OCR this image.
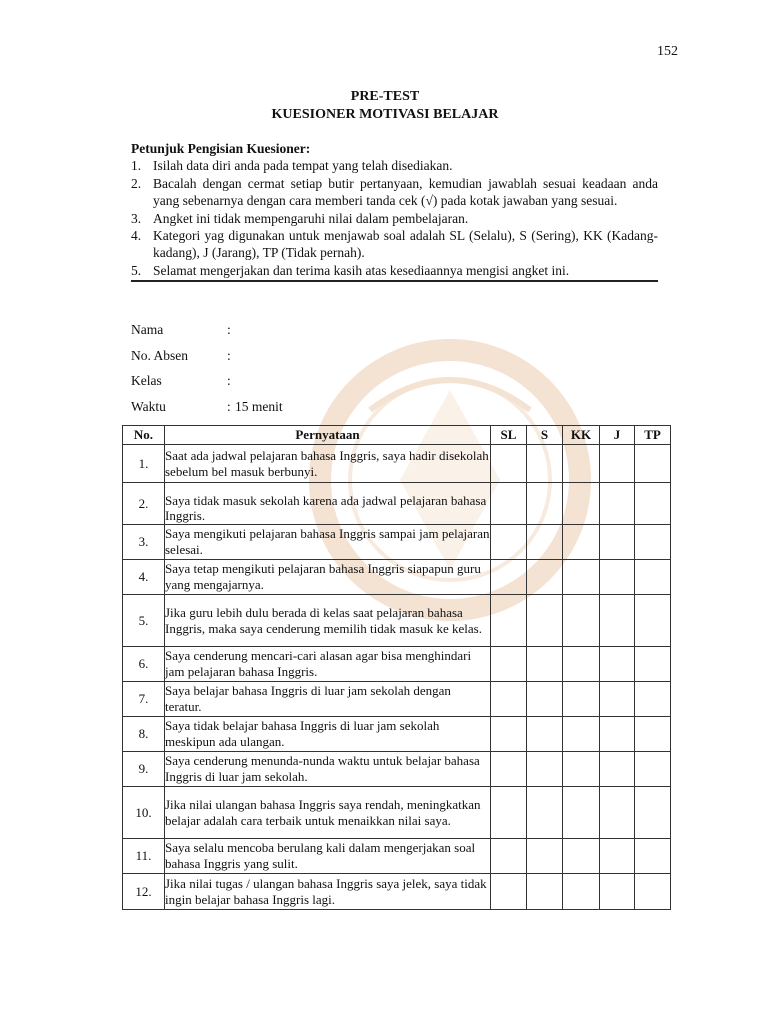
152
PRE-TEST
KUESIONER MOTIVASI BELAJAR
Petunjuk Pengisian Kuesioner:
1. Isilah data diri anda pada tempat yang telah disediakan.
2. Bacalah dengan cermat setiap butir pertanyaan, kemudian jawablah sesuai keadaan anda yang sebenarnya dengan cara memberi tanda cek (√) pada kotak jawaban yang sesuai.
3. Angket ini tidak mempengaruhi nilai dalam pembelajaran.
4. Kategori yag digunakan untuk menjawab soal adalah SL (Selalu), S (Sering), KK (Kadang-kadang), J (Jarang), TP (Tidak pernah).
5. Selamat mengerjakan dan terima kasih atas kesediaannya mengisi angket ini.
Nama	:
No. Absen	:
Kelas	:
Waktu	: 15 menit
No.	Pernyataan	SL	S	KK	J	TP
1.	Saat ada jadwal pelajaran bahasa Inggris, saya hadir disekolah sebelum bel masuk berbunyi.					
2.	Saya tidak masuk sekolah karena ada jadwal pelajaran bahasa Inggris.					
3.	Saya mengikuti pelajaran bahasa Inggris sampai jam pelajaran selesai.					
4.	Saya tetap mengikuti pelajaran bahasa Inggris siapapun guru yang mengajarnya.					
5.	Jika guru lebih dulu berada di kelas saat pelajaran bahasa Inggris, maka saya cenderung memilih tidak masuk ke kelas.					
6.	Saya cenderung mencari-cari alasan agar bisa menghindari jam pelajaran bahasa Inggris.					
7.	Saya belajar bahasa Inggris di luar jam sekolah dengan teratur.					
8.	Saya tidak belajar bahasa Inggris di luar jam sekolah meskipun ada ulangan.					
9.	Saya cenderung menunda-nunda waktu untuk belajar bahasa Inggris di luar jam sekolah.					
10.	Jika nilai ulangan bahasa Inggris saya rendah, meningkatkan belajar adalah cara terbaik untuk menaikkan nilai saya.					
11.	Saya selalu mencoba berulang kali dalam mengerjakan soal bahasa Inggris yang sulit.					
12.	Jika nilai tugas / ulangan bahasa Inggris saya jelek, saya tidak ingin belajar bahasa Inggris lagi.					
